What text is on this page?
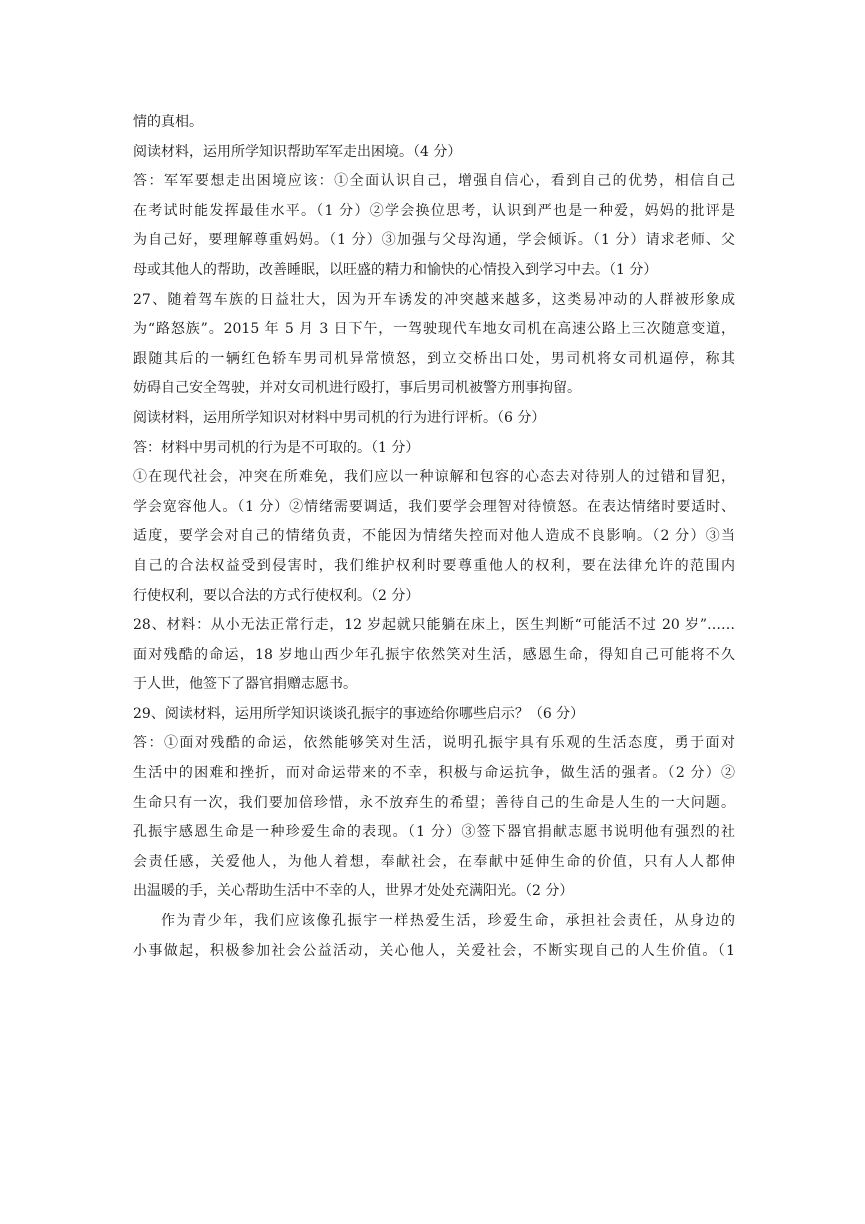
情的真相。
阅读材料，运用所学知识帮助军军走出困境。（4 分）
答：军军要想走出困境应该：①全面认识自己，增强自信心，看到自己的优势，相信自己
在考试时能发挥最佳水平。（1 分）②学会换位思考，认识到严也是一种爱，妈妈的批评是
为自己好，要理解尊重妈妈。（1 分）③加强与父母沟通，学会倾诉。（1 分）请求老师、父
母或其他人的帮助，改善睡眠，以旺盛的精力和愉快的心情投入到学习中去。（1 分）
27、随着驾车族的日益壮大，因为开车诱发的冲突越来越多，这类易冲动的人群被形象成
为“路怒族”。2015 年 5 月 3 日下午，一驾驶现代车地女司机在高速公路上三次随意变道，
跟随其后的一辆红色轿车男司机异常愤怒，到立交桥出口处，男司机将女司机逼停，称其
妨碍自己安全驾驶，并对女司机进行殴打，事后男司机被警方刑事拘留。
阅读材料，运用所学知识对材料中男司机的行为进行评析。（6 分）
答：材料中男司机的行为是不可取的。（1 分）
①在现代社会，冲突在所难免，我们应以一种谅解和包容的心态去对待别人的过错和冒犯，
学会宽容他人。（1 分）②情绪需要调适，我们要学会理智对待愤怒。在表达情绪时要适时、
适度，要学会对自己的情绪负责，不能因为情绪失控而对他人造成不良影响。（2 分）③当
自己的合法权益受到侵害时，我们维护权利时要尊重他人的权利，要在法律允许的范围内
行使权利，要以合法的方式行使权利。（2 分）
28、材料：从小无法正常行走，12 岁起就只能躺在床上，医生判断“可能活不过 20 岁”……
面对残酷的命运，18 岁地山西少年孔振宇依然笑对生活，感恩生命，得知自己可能将不久
于人世，他签下了器官捐赠志愿书。
29、阅读材料，运用所学知识谈谈孔振宇的事迹给你哪些启示？（6 分）
答：①面对残酷的命运，依然能够笑对生活，说明孔振宇具有乐观的生活态度，勇于面对
生活中的困难和挫折，而对命运带来的不幸，积极与命运抗争，做生活的强者。（2 分）②
生命只有一次，我们要加倍珍惜，永不放弃生的希望；善待自己的生命是人生的一大问题。
孔振宇感恩生命是一种珍爱生命的表现。（1 分）③签下器官捐献志愿书说明他有强烈的社
会责任感，关爱他人，为他人着想，奉献社会，在奉献中延伸生命的价值，只有人人都伸
出温暖的手，关心帮助生活中不幸的人，世界才处处充满阳光。（2 分）
作为青少年，我们应该像孔振宇一样热爱生活，珍爱生命，承担社会责任，从身边的
小事做起，积极参加社会公益活动，关心他人，关爱社会，不断实现自己的人生价值。（1
